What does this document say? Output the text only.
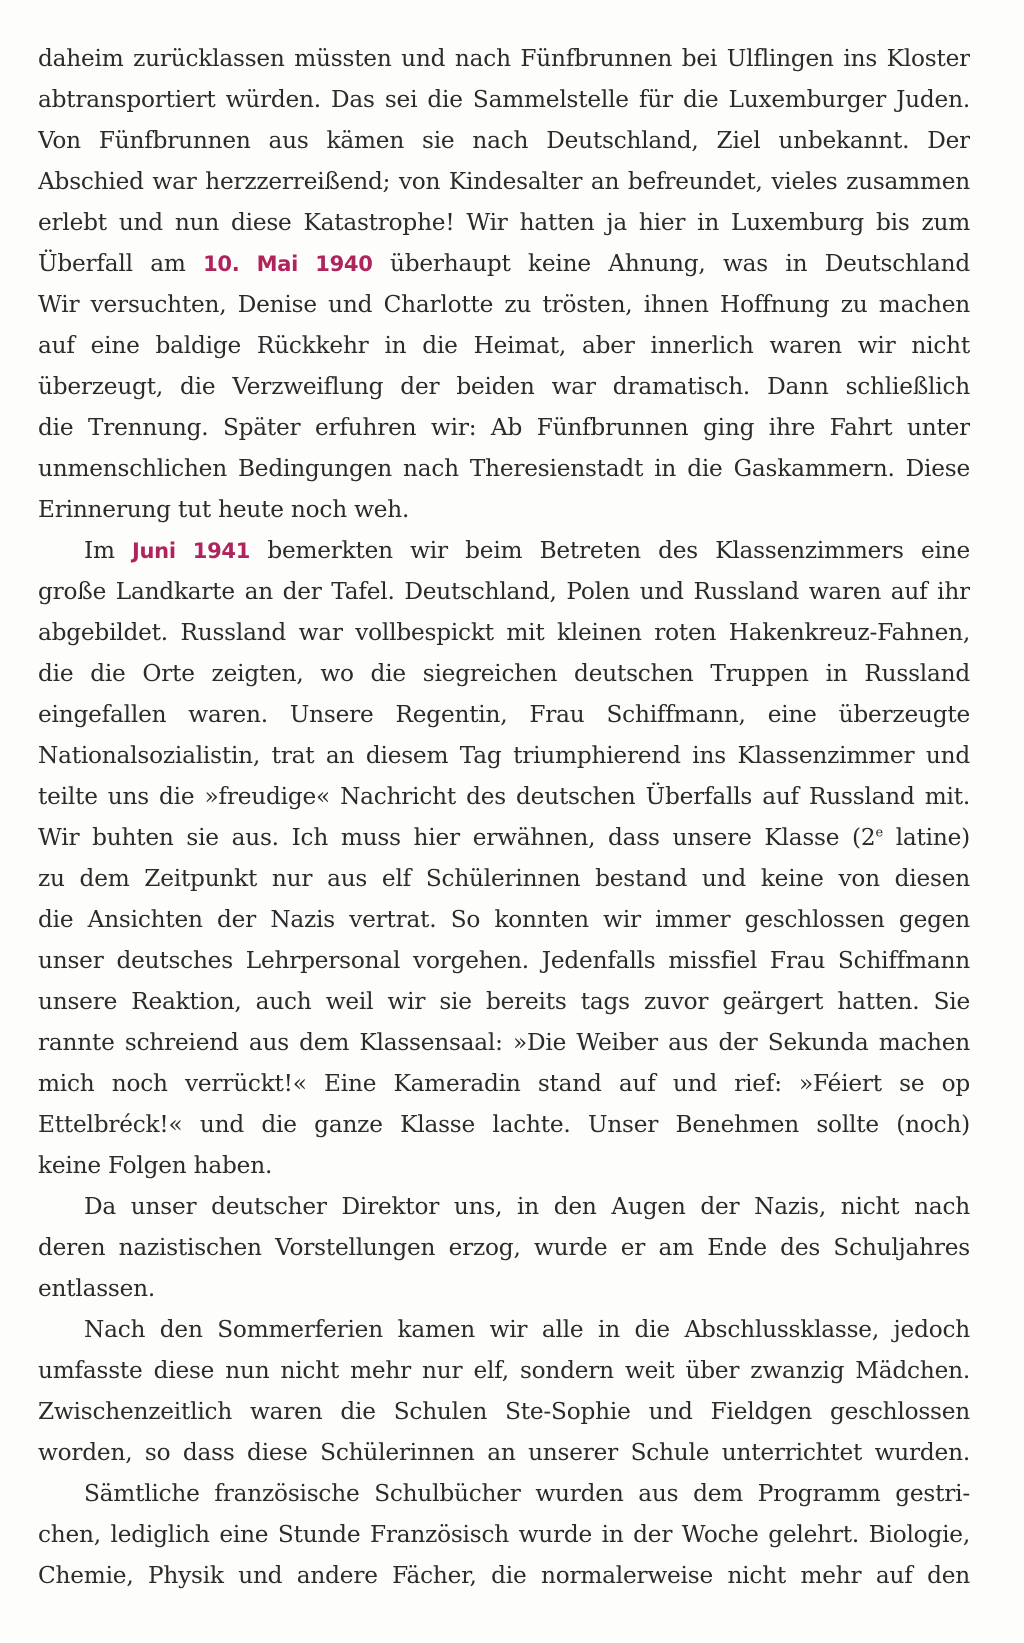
daheim zurücklassen müssten und nach Fünfbrunnen bei Ulflingen ins Kloster
abtransportiert würden. Das sei die Sammelstelle für die Luxemburger Juden.
Von Fünfbrunnen aus kämen sie nach Deutschland, Ziel unbekannt. Der
Abschied war herzzerreißend; von Kindesalter an befreundet, vieles zusammen
erlebt und nun diese Katastrophe! Wir hatten ja hier in Luxemburg bis zum
Überfall am 10. Mai 1940 überhaupt keine Ahnung, was in Deutschland
Wir versuchten, Denise und Charlotte zu trösten, ihnen Hoffnung zu machen
auf eine baldige Rückkehr in die Heimat, aber innerlich waren wir nicht
überzeugt, die Verzweiflung der beiden war dramatisch. Dann schließlich
die Trennung. Später erfuhren wir: Ab Fünfbrunnen ging ihre Fahrt unter
unmenschlichen Bedingungen nach Theresienstadt in die Gaskammern. Diese
Erinnerung tut heute noch weh.
Im Juni 1941 bemerkten wir beim Betreten des Klassenzimmers eine
große Landkarte an der Tafel. Deutschland, Polen und Russland waren auf ihr
abgebildet. Russland war vollbespickt mit kleinen roten Hakenkreuz-Fahnen,
die die Orte zeigten, wo die siegreichen deutschen Truppen in Russland
eingefallen waren. Unsere Regentin, Frau Schiffmann, eine überzeugte
Nationalsozialistin, trat an diesem Tag triumphierend ins Klassenzimmer und
teilte uns die »freudige« Nachricht des deutschen Überfalls auf Russland mit.
Wir buhten sie aus. Ich muss hier erwähnen, dass unsere Klasse (2e latine)
zu dem Zeitpunkt nur aus elf Schülerinnen bestand und keine von diesen
die Ansichten der Nazis vertrat. So konnten wir immer geschlossen gegen
unser deutsches Lehrpersonal vorgehen. Jedenfalls missfiel Frau Schiffmann
unsere Reaktion, auch weil wir sie bereits tags zuvor geärgert hatten. Sie
rannte schreiend aus dem Klassensaal: »Die Weiber aus der Sekunda machen
mich noch verrückt!« Eine Kameradin stand auf und rief: »Féiert se op
Ettelbréck!« und die ganze Klasse lachte. Unser Benehmen sollte (noch)
keine Folgen haben.
Da unser deutscher Direktor uns, in den Augen der Nazis, nicht nach
deren nazistischen Vorstellungen erzog, wurde er am Ende des Schuljahres
entlassen.
Nach den Sommerferien kamen wir alle in die Abschlussklasse, jedoch
umfasste diese nun nicht mehr nur elf, sondern weit über zwanzig Mädchen.
Zwischenzeitlich waren die Schulen Ste-Sophie und Fieldgen geschlossen
worden, so dass diese Schülerinnen an unserer Schule unterrichtet wurden.
Sämtliche französische Schulbücher wurden aus dem Programm gestri-
chen, lediglich eine Stunde Französisch wurde in der Woche gelehrt. Biologie,
Chemie, Physik und andere Fächer, die normalerweise nicht mehr auf den
